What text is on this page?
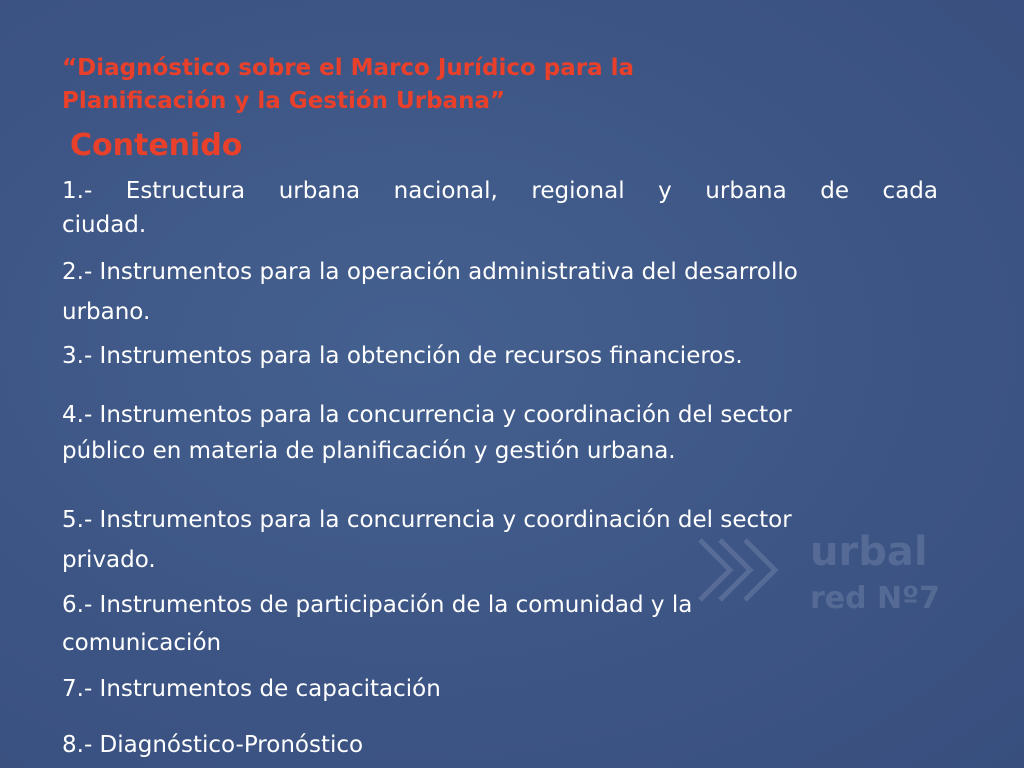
“Diagnóstico sobre el Marco Jurídico para la
Planificación y la Gestión Urbana”
Contenido

1.- Estructura urbana nacional, regional y urbana de cada
ciudad.

2.- Instrumentos para la operación administrativa del desarrollo
urbano.

3.- Instrumentos para la obtención de recursos financieros.

4.- Instrumentos para la concurrencia y coordinación del sector
público en materia de planificación y gestión urbana.

5.- Instrumentos para la concurrencia y coordinación del sector
privado.

6.- Instrumentos de participación de la comunidad y la
comunicación

7.- Instrumentos de capacitación

8.- Diagnóstico-Pronóstico

urbal
red Nº7
